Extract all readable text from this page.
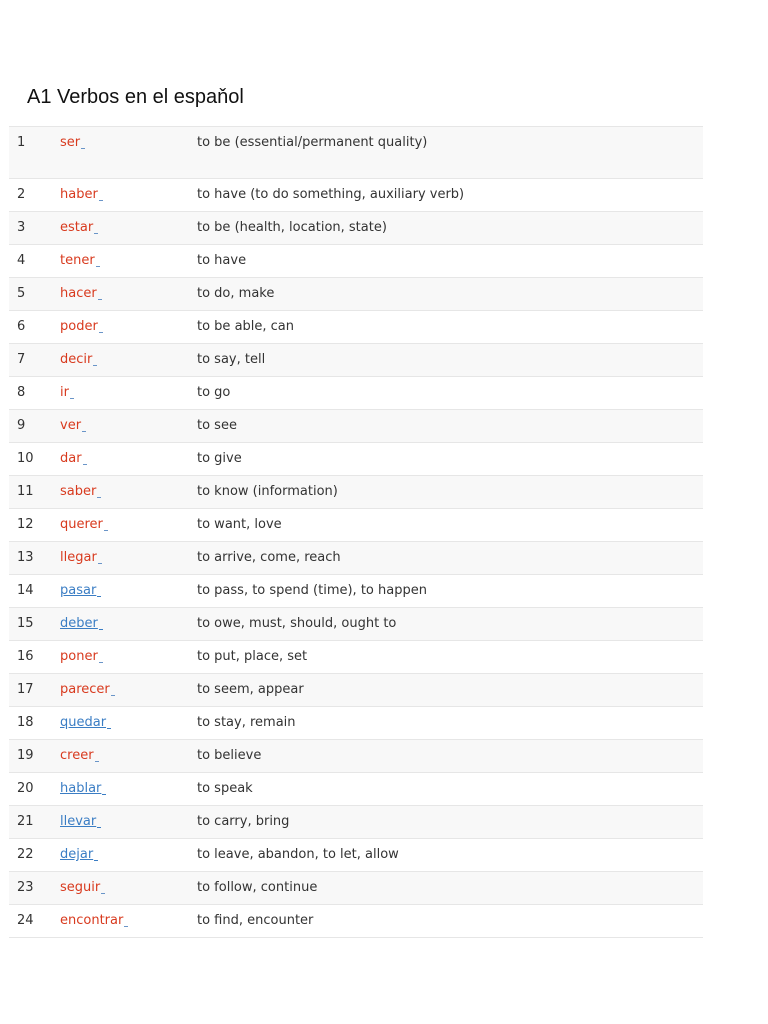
A1 Verbos en el espaňol
1	ser	to be (essential/permanent quality)
2	haber	to have (to do something, auxiliary verb)
3	estar	to be (health, location, state)
4	tener	to have
5	hacer	to do, make
6	poder	to be able, can
7	decir	to say, tell
8	ir	to go
9	ver	to see
10	dar	to give
11	saber	to know (information)
12	querer	to want, love
13	llegar	to arrive, come, reach
14	pasar	to pass, to spend (time), to happen
15	deber	to owe, must, should, ought to
16	poner	to put, place, set
17	parecer	to seem, appear
18	quedar	to stay, remain
19	creer	to believe
20	hablar	to speak
21	llevar	to carry, bring
22	dejar	to leave, abandon, to let, allow
23	seguir	to follow, continue
24	encontrar	to find, encounter
